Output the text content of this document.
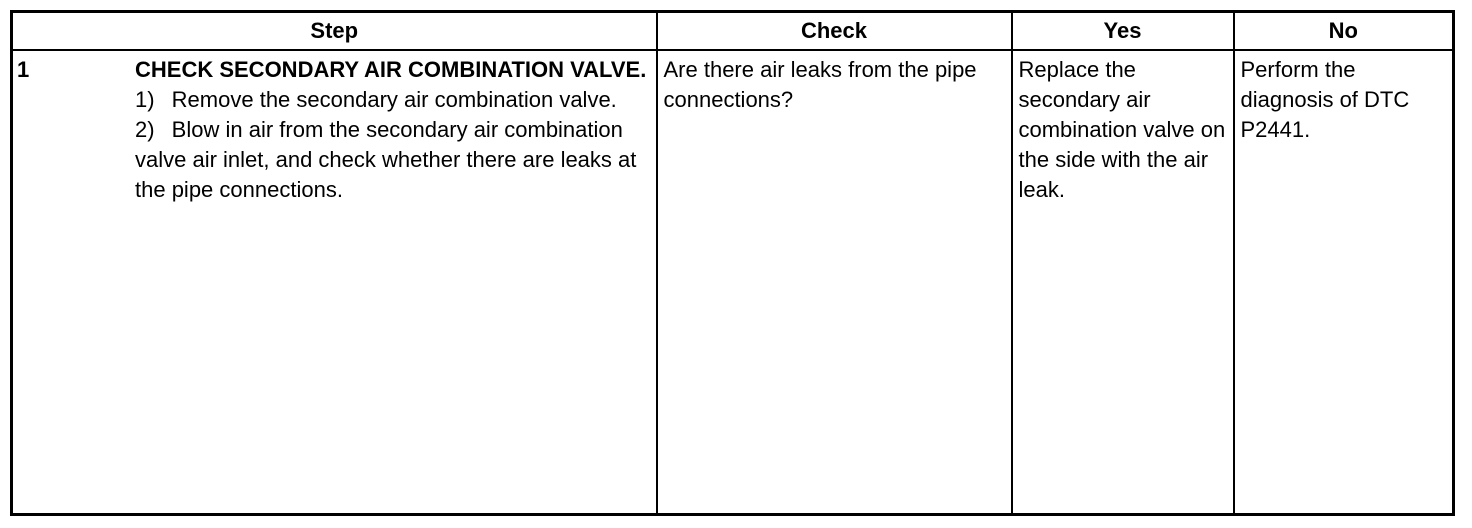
Step	Check	Yes	No

1 CHECK SECONDARY AIR COMBINATION VALVE.
1)  Remove the secondary air combination valve.
2)  Blow in air from the secondary air combination valve air inlet, and check whether there are leaks at the pipe connections.	Are there air leaks from the pipe connections?	Replace the secondary air combination valve on the side with the air leak.	Perform the diagnosis of DTC P2441.
